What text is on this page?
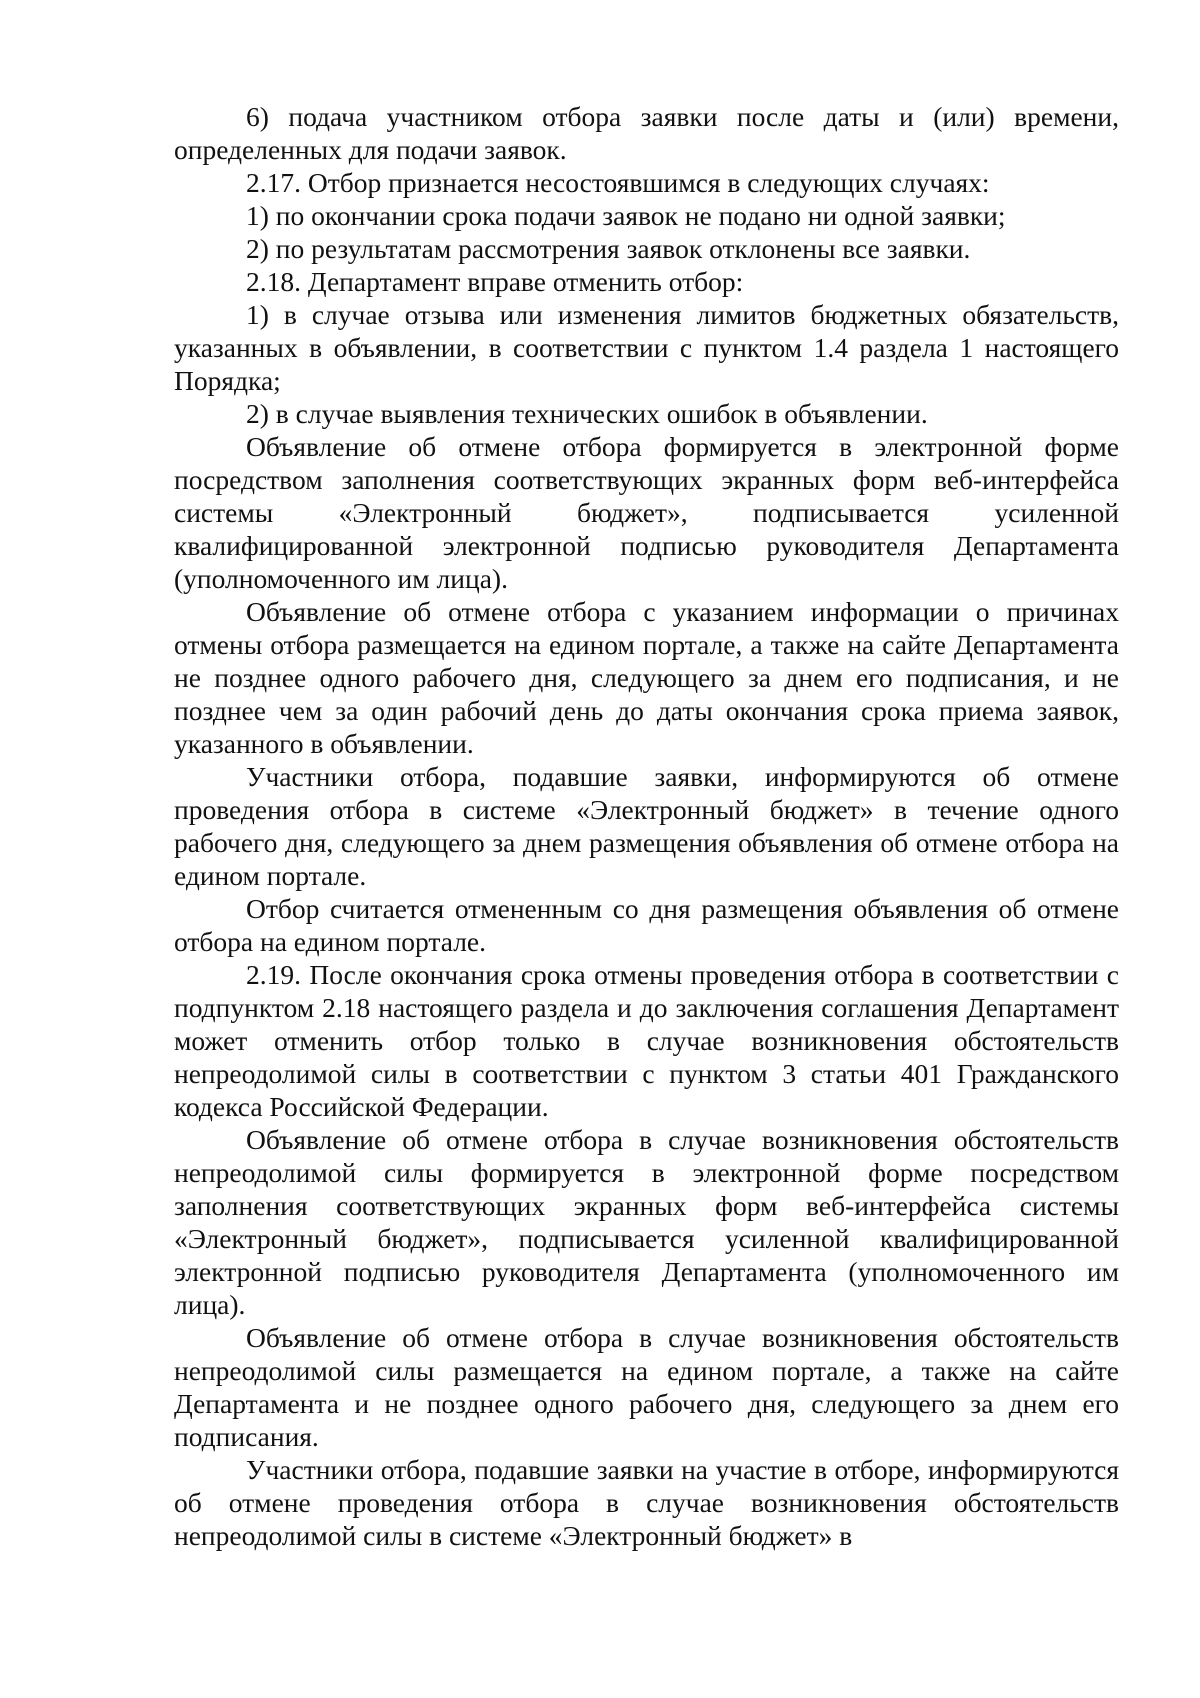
6) подача участником отбора заявки после даты и (или) времени, определенных для подачи заявок.

2.17. Отбор признается несостоявшимся в следующих случаях:

1) по окончании срока подачи заявок не подано ни одной заявки;

2) по результатам рассмотрения заявок отклонены все заявки.

2.18. Департамент вправе отменить отбор:

1) в случае отзыва или изменения лимитов бюджетных обязательств, указанных в объявлении, в соответствии с пунктом 1.4 раздела 1 настоящего Порядка;

2) в случае выявления технических ошибок в объявлении.

Объявление об отмене отбора формируется в электронной форме посредством заполнения соответствующих экранных форм веб-интерфейса системы «Электронный бюджет», подписывается усиленной квалифицированной электронной подписью руководителя Департамента (уполномоченного им лица).

Объявление об отмене отбора с указанием информации о причинах отмены отбора размещается на едином портале, а также на сайте Департамента не позднее одного рабочего дня, следующего за днем его подписания, и не позднее чем за один рабочий день до даты окончания срока приема заявок, указанного в объявлении.

Участники отбора, подавшие заявки, информируются об отмене проведения отбора в системе «Электронный бюджет» в течение одного рабочего дня, следующего за днем размещения объявления об отмене отбора на едином портале.

Отбор считается отмененным со дня размещения объявления об отмене отбора на едином портале.

2.19. После окончания срока отмены проведения отбора в соответствии с подпунктом 2.18 настоящего раздела и до заключения соглашения Департамент может отменить отбор только в случае возникновения обстоятельств непреодолимой силы в соответствии с пунктом 3 статьи 401 Гражданского кодекса Российской Федерации.

Объявление об отмене отбора в случае возникновения обстоятельств непреодолимой силы формируется в электронной форме посредством заполнения соответствующих экранных форм веб-интерфейса системы «Электронный бюджет», подписывается усиленной квалифицированной электронной подписью руководителя Департамента (уполномоченного им лица).

Объявление об отмене отбора в случае возникновения обстоятельств непреодолимой силы размещается на едином портале, а также на сайте Департамента и не позднее одного рабочего дня, следующего за днем его подписания.

Участники отбора, подавшие заявки на участие в отборе, информируются об отмене проведения отбора в случае возникновения обстоятельств непреодолимой силы в системе «Электронный бюджет» в
